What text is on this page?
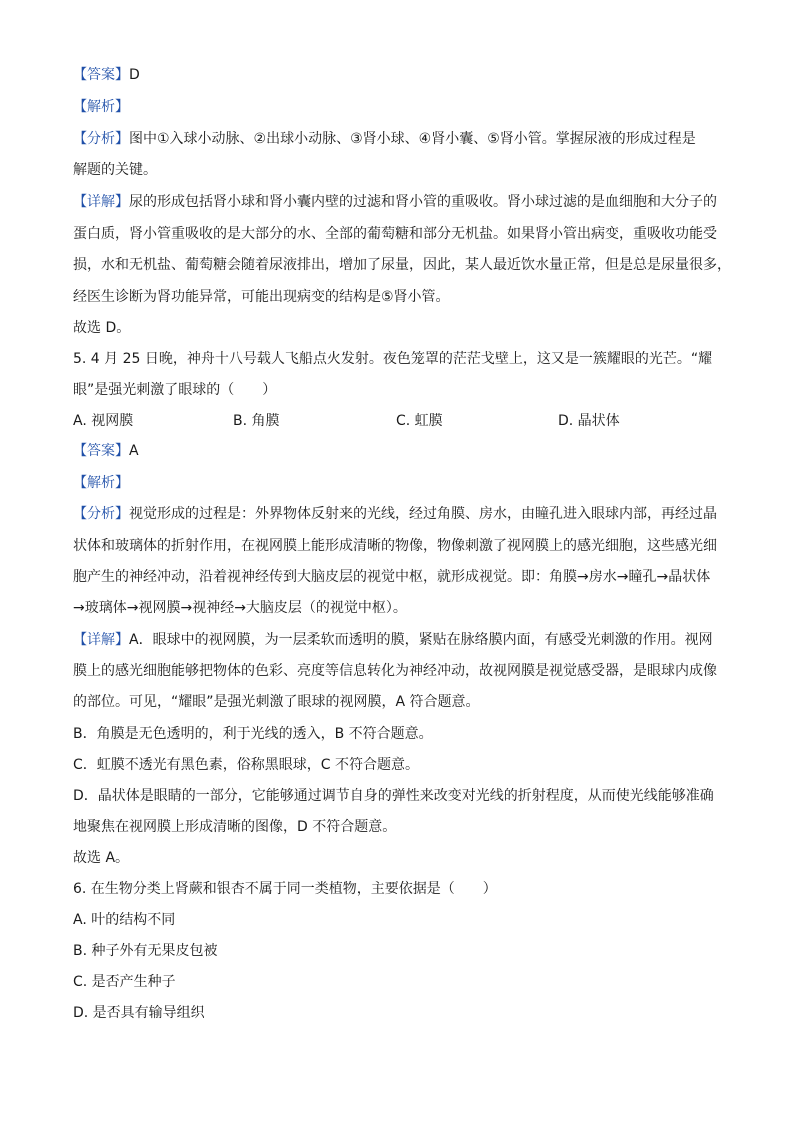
【答案】D
【解析】
【分析】图中①入球小动脉、②出球小动脉、③肾小球、④肾小囊、⑤肾小管。掌握尿液的形成过程是
解题的关键。
【详解】尿的形成包括肾小球和肾小囊内壁的过滤和肾小管的重吸收。肾小球过滤的是血细胞和大分子的
蛋白质，肾小管重吸收的是大部分的水、全部的葡萄糖和部分无机盐。如果肾小管出病变，重吸收功能受
损，水和无机盐、葡萄糖会随着尿液排出，增加了尿量，因此，某人最近饮水量正常，但是总是尿量很多，
经医生诊断为肾功能异常，可能出现病变的结构是⑤肾小管。
故选 D。
5. 4 月 25 日晚，神舟十八号载人飞船点火发射。夜色笼罩的茫茫戈壁上，这又是一簇耀眼的光芒。“耀
眼”是强光刺激了眼球的（　　）
A. 视网膜	B. 角膜	C. 虹膜	D. 晶状体
【答案】A
【解析】
【分析】视觉形成的过程是：外界物体反射来的光线，经过角膜、房水，由瞳孔进入眼球内部，再经过晶
状体和玻璃体的折射作用，在视网膜上能形成清晰的物像，物像刺激了视网膜上的感光细胞，这些感光细
胞产生的神经冲动，沿着视神经传到大脑皮层的视觉中枢，就形成视觉。即：角膜→房水→瞳孔→晶状体
→玻璃体→视网膜→视神经→大脑皮层（的视觉中枢）。
【详解】A．眼球中的视网膜，为一层柔软而透明的膜，紧贴在脉络膜内面，有感受光刺激的作用。视网
膜上的感光细胞能够把物体的色彩、亮度等信息转化为神经冲动，故视网膜是视觉感受器，是眼球内成像
的部位。可见，“耀眼”是强光刺激了眼球的视网膜，A 符合题意。
B．角膜是无色透明的，利于光线的透入，B 不符合题意。
C．虹膜不透光有黑色素，俗称黑眼球，C 不符合题意。
D．晶状体是眼睛的一部分，它能够通过调节自身的弹性来改变对光线的折射程度，从而使光线能够准确
地聚焦在视网膜上形成清晰的图像，D 不符合题意。
故选 A。
6. 在生物分类上肾蕨和银杏不属于同一类植物，主要依据是（　　）
A. 叶的结构不同
B. 种子外有无果皮包被
C. 是否产生种子
D. 是否具有输导组织
